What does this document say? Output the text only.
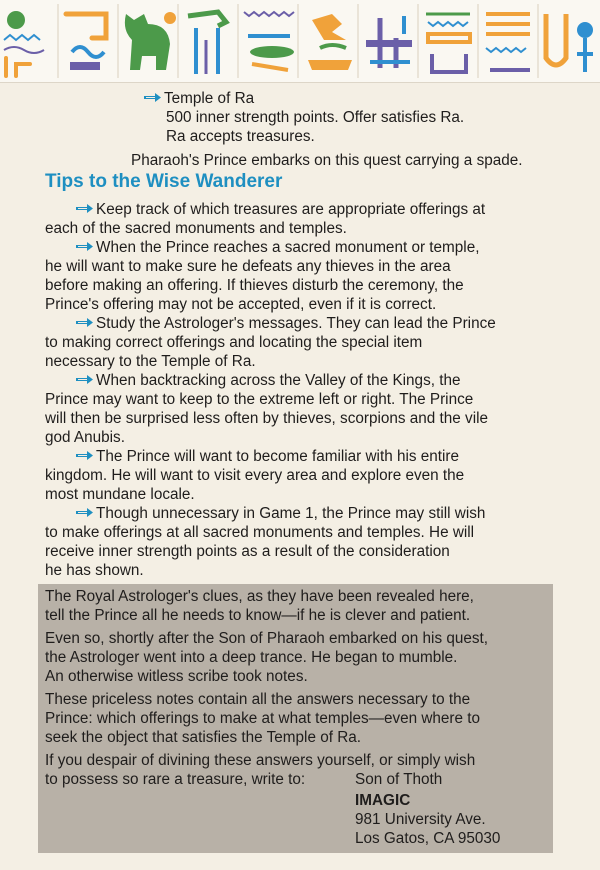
Temple of Ra
500 inner strength points. Offer satisfies Ra.
Ra accepts treasures.
Pharaoh's Prince embarks on this quest carrying a spade.
Tips to the Wise Wanderer
Keep track of which treasures are appropriate offerings at
each of the sacred monuments and temples.
When the Prince reaches a sacred monument or temple,
he will want to make sure he defeats any thieves in the area
before making an offering. If thieves disturb the ceremony, the
Prince's offering may not be accepted, even if it is correct.
Study the Astrologer's messages. They can lead the Prince
to making correct offerings and locating the special item
necessary to the Temple of Ra.
When backtracking across the Valley of the Kings, the
Prince may want to keep to the extreme left or right. The Prince
will then be surprised less often by thieves, scorpions and the vile
god Anubis.
The Prince will want to become familiar with his entire
kingdom. He will want to visit every area and explore even the
most mundane locale.
Though unnecessary in Game 1, the Prince may still wish
to make offerings at all sacred monuments and temples. He will
receive inner strength points as a result of the consideration
he has shown.
The Royal Astrologer's clues, as they have been revealed here,
tell the Prince all he needs to know—if he is clever and patient.
Even so, shortly after the Son of Pharaoh embarked on his quest,
the Astrologer went into a deep trance. He began to mumble.
An otherwise witless scribe took notes.
These priceless notes contain all the answers necessary to the
Prince: which offerings to make at what temples—even where to
seek the object that satisfies the Temple of Ra.
If you despair of divining these answers yourself, or simply wish
to possess so rare a treasure, write to:	Son of Thoth
IMAGIC
981 University Ave.
Los Gatos, CA 95030
